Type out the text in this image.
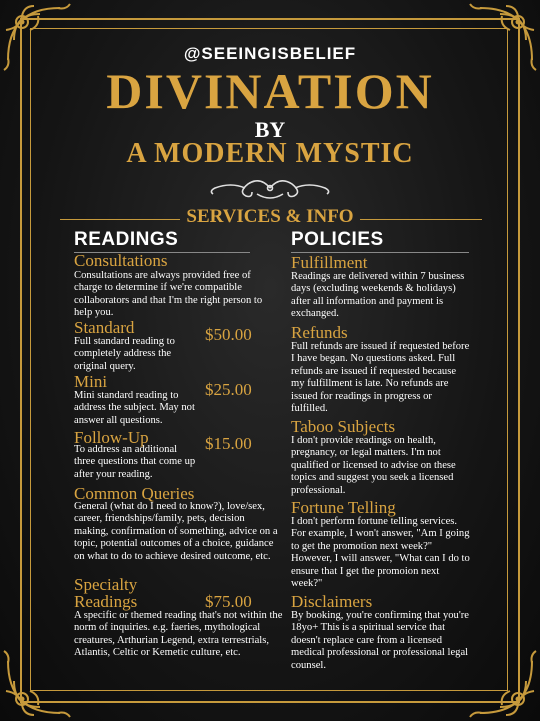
@SEEINGISBELIEF
DIVINATION
BY
A MODERN MYSTIC
SERVICES & INFO
READINGS
Consultations
Consultations are always provided free of charge to determine if we're compatible collaborators and that I'm the right person to help you.
Standard	$50.00
Full standard reading to completely address the original query.
Mini	$25.00
Mini standard reading to address the subject. May not answer all questions.
Follow-Up	$15.00
To address an additional three questions that come up after your reading.
Common Queries
General (what do I need to know?), love/sex, career, friendships/family, pets, decision making, confirmation of something, advice on a topic, potential outcomes of a choice, guidance on what to do to achieve desired outcome, etc.
Specialty
Readings	$75.00
A specific or themed reading that's not within the norm of inquiries. e.g. faeries, mythological creatures, Arthurian Legend, extra terrestrials, Atlantis, Celtic or Kemetic culture, etc.
POLICIES
Fulfillment
Readings are delivered within 7 business days (excluding weekends & holidays) after all information and payment is exchanged.
Refunds
Full refunds are issued if requested before I have began. No questions asked. Full refunds are issued if requested because my fulfillment is late. No refunds are issued for readings in progress or fulfilled.
Taboo Subjects
I don't provide readings on health, pregnancy, or legal matters. I'm not qualified or licensed to advise on these topics and suggest you seek a licensed professional.
Fortune Telling
I don't perform fortune telling services. For example, I won't answer, "Am I going to get the promotion next week?" However, I will answer, "What can I do to ensure that I get the promoion next week?"
Disclaimers
By booking, you're confirming that you're 18yo+ This is a spiritual service that doesn't replace care from a licensed medical professional or professional legal counsel.
